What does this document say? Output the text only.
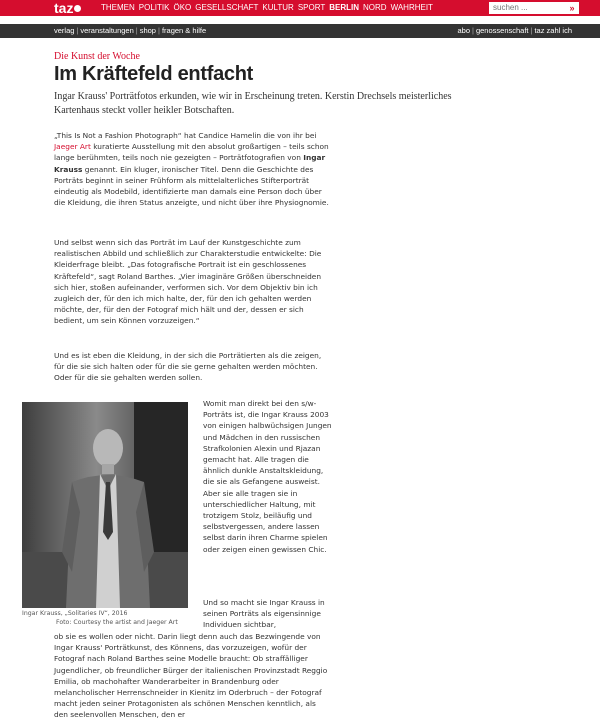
taz	THEMEN POLITIK ÖKO GESELLSCHAFT KULTUR SPORT BERLIN NORD WAHRHEIT
suchen ...	»
verlag | veranstaltungen | shop | fragen & hilfe	abo | genossenschaft | taz zahl ich
Die Kunst der Woche
Im Kräftefeld entfacht
Ingar Krauss' Porträtfotos erkunden, wie wir in Erscheinung treten. Kerstin Drechsels meisterliches Kartenhaus steckt voller heikler Botschaften.

„This Is Not a Fashion Photograph“ hat Candice Hamelin die von ihr bei Jaeger Art kuratierte Ausstellung mit den absolut großartigen – teils schon lange berühmten, teils noch nie gezeigten – Porträtfotografien von Ingar Krauss genannt. Ein kluger, ironischer Titel. Denn die Geschichte des Porträts beginnt in seiner Frühform als mittelalterliches Stifterporträt eindeutig als Modebild, identifizierte man damals eine Person doch über die Kleidung, die ihren Status anzeigte, und nicht über ihre Physiognomie.

Und selbst wenn sich das Porträt im Lauf der Kunstgeschichte zum realistischen Abbild und schließlich zur Charakterstudie entwickelte: Die Kleiderfrage bleibt. „Das fotografische Portrait ist ein geschlossenes Kräftefeld“, sagt Roland Barthes. „Vier imaginäre Größen überschneiden sich hier, stoßen aufeinander, verformen sich. Vor dem Objektiv bin ich zugleich der, für den ich mich halte, der, für den ich gehalten werden möchte, der, für den der Fotograf mich hält und der, dessen er sich bedient, um sein Können vorzuzeigen.“

Und es ist eben die Kleidung, in der sich die Porträtierten als die zeigen, für die sie sich halten oder für die sie gerne gehalten werden möchten. Oder für die sie gehalten werden sollen.

Ingar Krauss, „Solitaries IV“, 2016
Foto: Courtesy the artist and Jaeger Art

Womit man direkt bei den s/w-Porträts ist, die Ingar Krauss 2003 von einigen halbwüchsigen Jungen und Mädchen in den russischen Strafkolonien Alexin und Rjazan gemacht hat. Alle tragen die ähnlich dunkle Anstaltskleidung, die sie als Gefangene ausweist. Aber sie alle tragen sie in unterschiedlicher Haltung, mit trotzigem Stolz, beiläufig und selbstvergessen, andere lassen selbst darin ihren Charme spielen oder zeigen einen gewissen Chic.

Und so macht sie Ingar Krauss in seinen Porträts als eigensinnige Individuen sichtbar,

ob sie es wollen oder nicht. Darin liegt denn auch das Bezwingende von Ingar Krauss' Porträtkunst, des Könnens, das vorzuzeigen, wofür der Fotograf nach Roland Barthes seine Modelle braucht: Ob straffälliger Jugendlicher, ob freundlicher Bürger der italienischen Provinzstadt Reggio Emilia, ob machohafter Wanderarbeiter in Brandenburg oder melancholischer Herrenschneider in Kienitz im Oderbruch – der Fotograf macht jeden seiner Protagonisten als schönen Menschen kenntlich, als den seelenvollen Menschen, den er
